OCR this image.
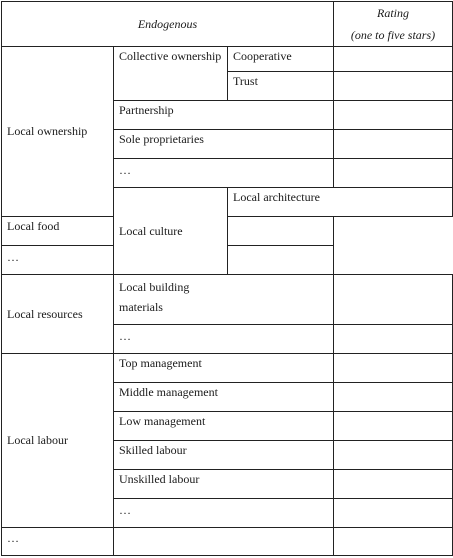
Endogenous			Rating
(one to five stars)	

Local ownership	Collective ownership	Cooperative		
		Trust		
	Partnership			
	Sole proprietaries			
	…			
	Local culture	Local architecture		
Local food				
…				
Local resources	Local building
materials			

	…			
Local labour	Top management			
	Middle management			
	Low management			
	Skilled labour			
	Unskilled labour			
	…			
…				
